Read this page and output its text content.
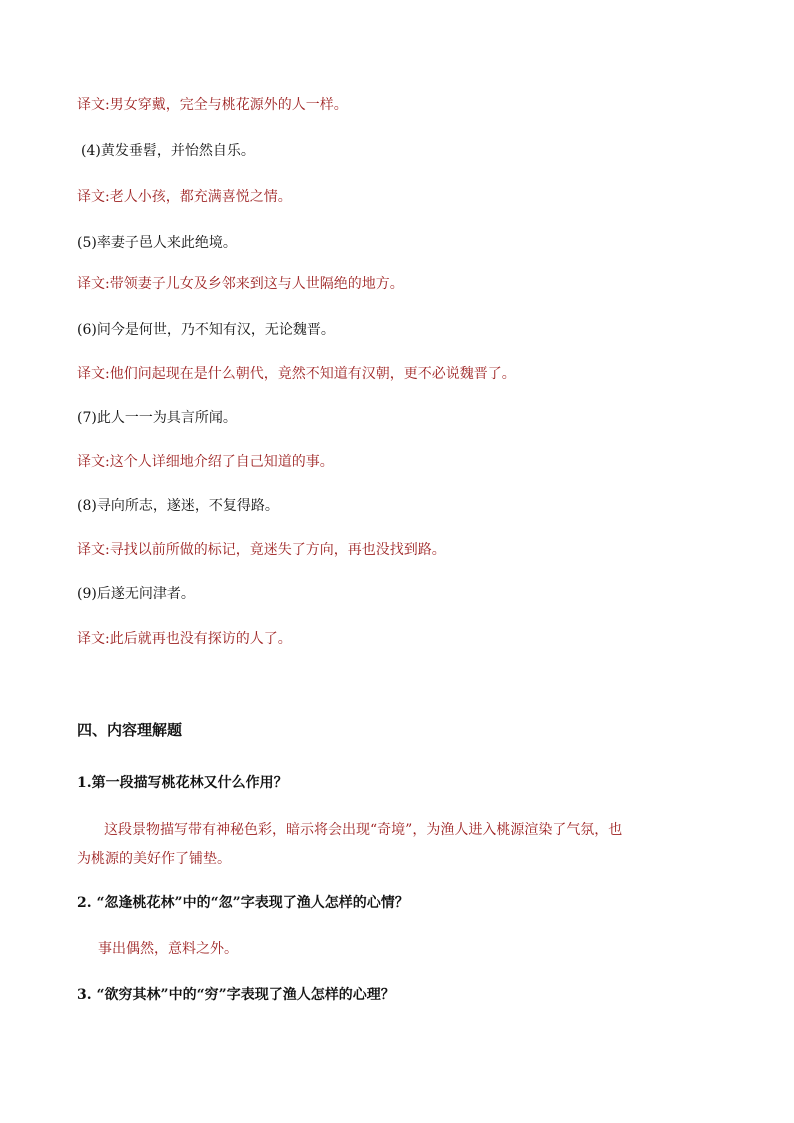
译文:男女穿戴，完全与桃花源外的人一样。
(4)黄发垂髫，并怡然自乐。
译文:老人小孩，都充满喜悦之情。
(5)率妻子邑人来此绝境。
译文:带领妻子儿女及乡邻来到这与人世隔绝的地方。
(6)问今是何世，乃不知有汉，无论魏晋。
译文:他们问起现在是什么朝代，竟然不知道有汉朝，更不必说魏晋了。
(7)此人一一为具言所闻。
译文:这个人详细地介绍了自己知道的事。
(8)寻向所志，遂迷，不复得路。
译文:寻找以前所做的标记，竟迷失了方向，再也没找到路。
(9)后遂无问津者。
译文:此后就再也没有探访的人了。
四、内容理解题
1.第一段描写桃花林又什么作用？
这段景物描写带有神秘色彩，暗示将会出现“奇境”，为渔人进入桃源渲染了气氛，也
为桃源的美好作了铺垫。
2. “忽逢桃花林”中的“忽”字表现了渔人怎样的心情？
事出偶然，意料之外。
3. “欲穷其林”中的“穷”字表现了渔人怎样的心理？
